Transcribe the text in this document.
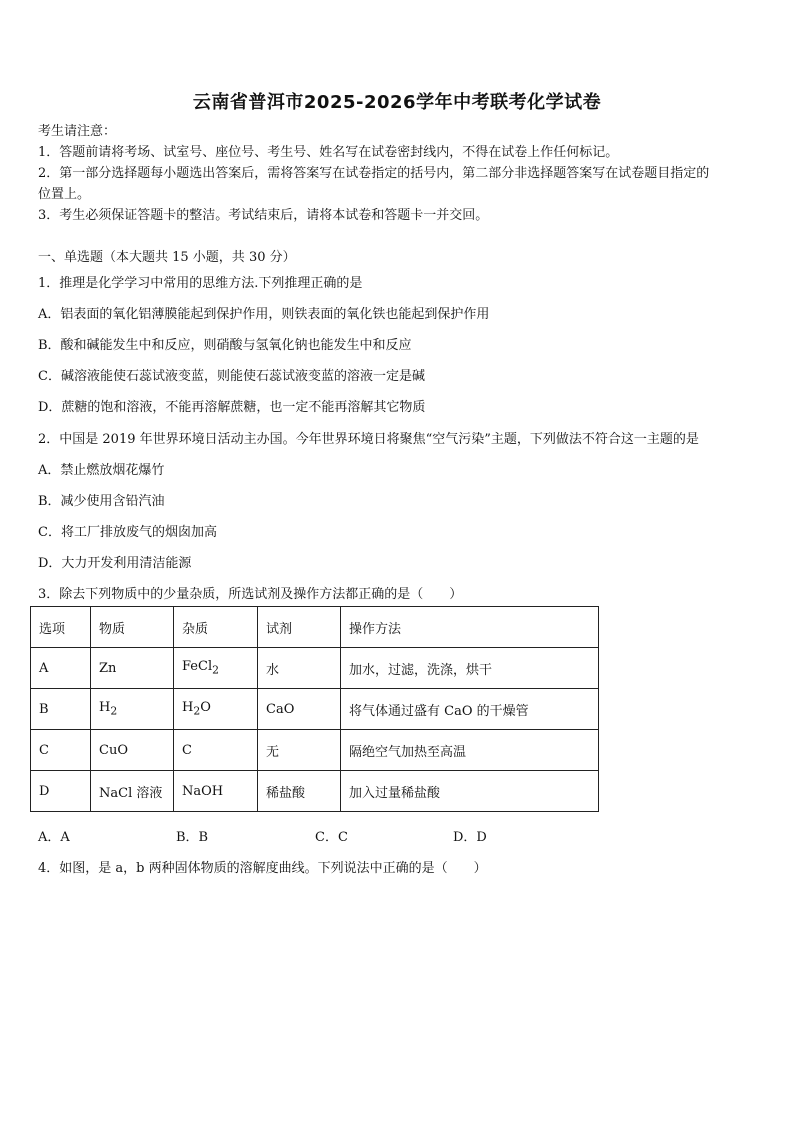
云南省普洱市2025-2026学年中考联考化学试卷
考生请注意：
1．答题前请将考场、试室号、座位号、考生号、姓名写在试卷密封线内，不得在试卷上作任何标记。
2．第一部分选择题每小题选出答案后，需将答案写在试卷指定的括号内，第二部分非选择题答案写在试卷题目指定的
位置上。
3．考生必须保证答题卡的整洁。考试结束后，请将本试卷和答题卡一并交回。
一、单选题（本大题共 15 小题，共 30 分）
1．推理是化学学习中常用的思维方法.下列推理正确的是
A．铝表面的氧化铝薄膜能起到保护作用，则铁表面的氧化铁也能起到保护作用
B．酸和碱能发生中和反应，则硝酸与氢氧化钠也能发生中和反应
C．碱溶液能使石蕊试液变蓝，则能使石蕊试液变蓝的溶液一定是碱
D．蔗糖的饱和溶液，不能再溶解蔗糖，也一定不能再溶解其它物质
2．中国是 2019 年世界环境日活动主办国。今年世界环境日将聚焦“空气污染”主题，下列做法不符合这一主题的是
A．禁止燃放烟花爆竹
B．减少使用含铅汽油
C．将工厂排放废气的烟囱加高
D．大力开发利用清洁能源
3．除去下列物质中的少量杂质，所选试剂及操作方法都正确的是（　　）
选项	物质	杂质	试剂	操作方法
A	Zn	FeCl$_2$	水	加水，过滤，洗涤，烘干
B	$H_2$	$H_2O$	CaO	将气体通过盛有 CaO 的干燥管
C	CuO	C	无	隔绝空气加热至高温
D	NaCl 溶液	NaOH	稀盐酸	加入过量稀盐酸
A．A	B．B	C．C	D．D
4．如图，是 a，b 两种固体物质的溶解度曲线。下列说法中正确的是（　　）
